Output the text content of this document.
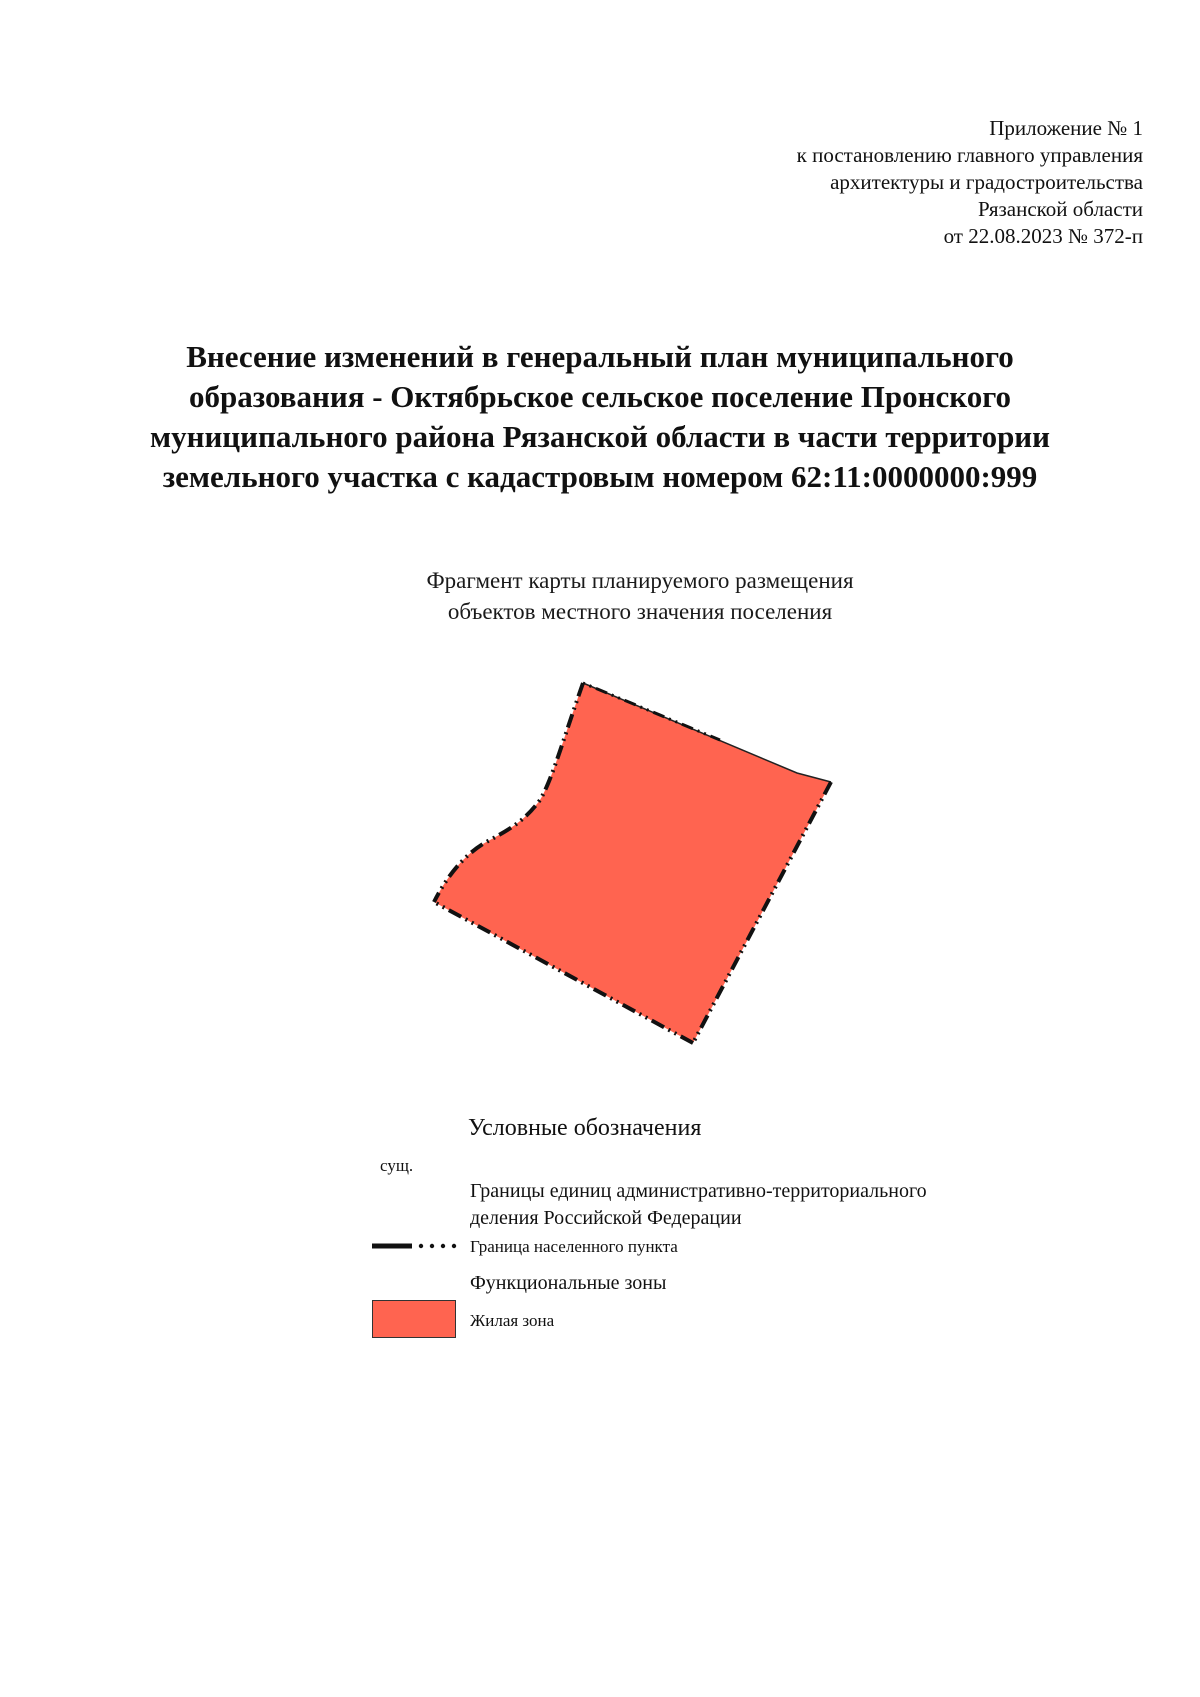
Приложение № 1
к постановлению главного управления
архитектуры и градостроительства
Рязанской области
от 22.08.2023 № 372-п
Внесение изменений в генеральный план муниципального
образования - Октябрьское сельское поселение Пронского
муниципального района Рязанской области в части территории
земельного участка с кадастровым номером 62:11:0000000:999
Фрагмент карты планируемого размещения
объектов местного значения поселения
Условные обозначения
сущ.
Границы единиц административно-территориального
деления Российской Федерации
Граница населенного пункта
Функциональные зоны
Жилая зона
